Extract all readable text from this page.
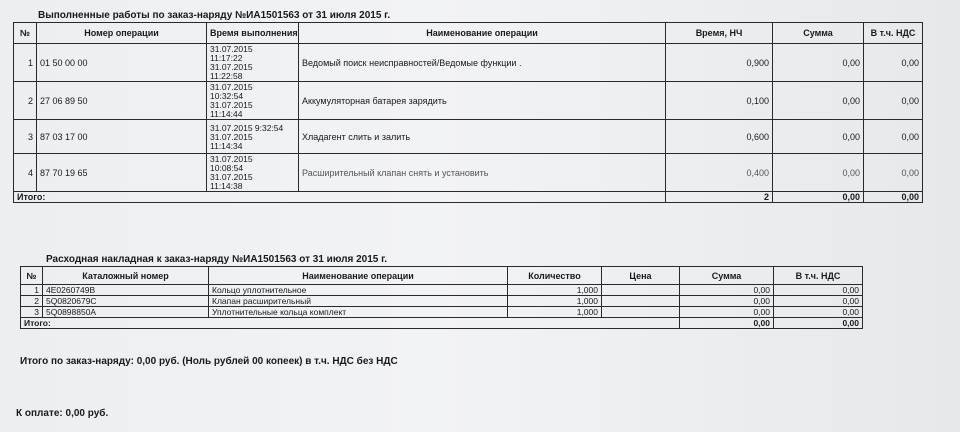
Выполненные работы по заказ-наряду №ИА1501563 от 31 июля 2015 г.
№	Номер операции	Время выполнения	Наименование операции	Время, НЧ	Сумма	В т.ч. НДС
1	01 50 00 00	31.07.2015
11:17:22
31.07.2015
11:22:58	Ведомый поиск неисправностей/Ведомые функции .	0,900	0,00	0,00
2	27 06 89 50	31.07.2015
10:32:54
31.07.2015
11:14:44	Аккумуляторная батарея зарядить	0,100	0,00	0,00
3	87 03 17 00	31.07.2015 9:32:54
31.07.2015
11:14:34	Хладагент слить и залить	0,600	0,00	0,00
4	87 70 19 65	31.07.2015
10:08:54
31.07.2015
11:14:38	Расширительный клапан снять и установить	0,400	0,00	0,00
Итого:				2	0,00	0,00
Расходная накладная к заказ-наряду №ИА1501563 от 31 июля 2015 г.
№	Каталожный номер	Наименование операции	Количество	Цена	Сумма	В т.ч. НДС
1	4E0260749B	Кольцо уплотнительное	1,000		0,00	0,00
2	5Q0820679C	Клапан расширительный	1,000		0,00	0,00
3	5Q0898850A	Уплотнительные кольца комплект	1,000		0,00	0,00
Итого:					0,00	0,00
Итого по заказ-наряду: 0,00 руб. (Ноль рублей 00 копеек) в т.ч. НДС без НДС
К оплате: 0,00 руб.
